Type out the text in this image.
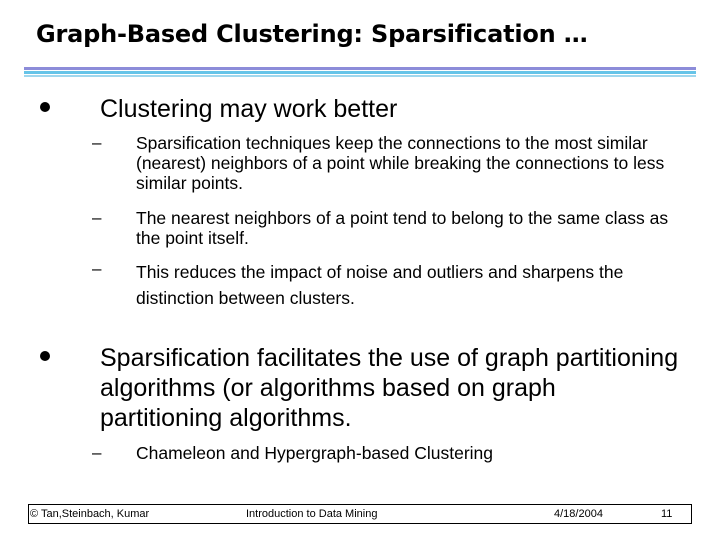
Graph-Based Clustering: Sparsification …
Clustering may work better
–	Sparsification techniques keep the connections to the most similar (nearest) neighbors of a point while breaking the connections to less similar points.
–	The nearest neighbors of a point tend to belong to the same class as the point itself.
–	This reduces the impact of noise and outliers and sharpens the distinction between clusters.
Sparsification facilitates the use of graph partitioning algorithms (or algorithms based on graph partitioning algorithms.
–	Chameleon and Hypergraph-based Clustering
© Tan,Steinbach, Kumar	Introduction to Data Mining	4/18/2004	11
